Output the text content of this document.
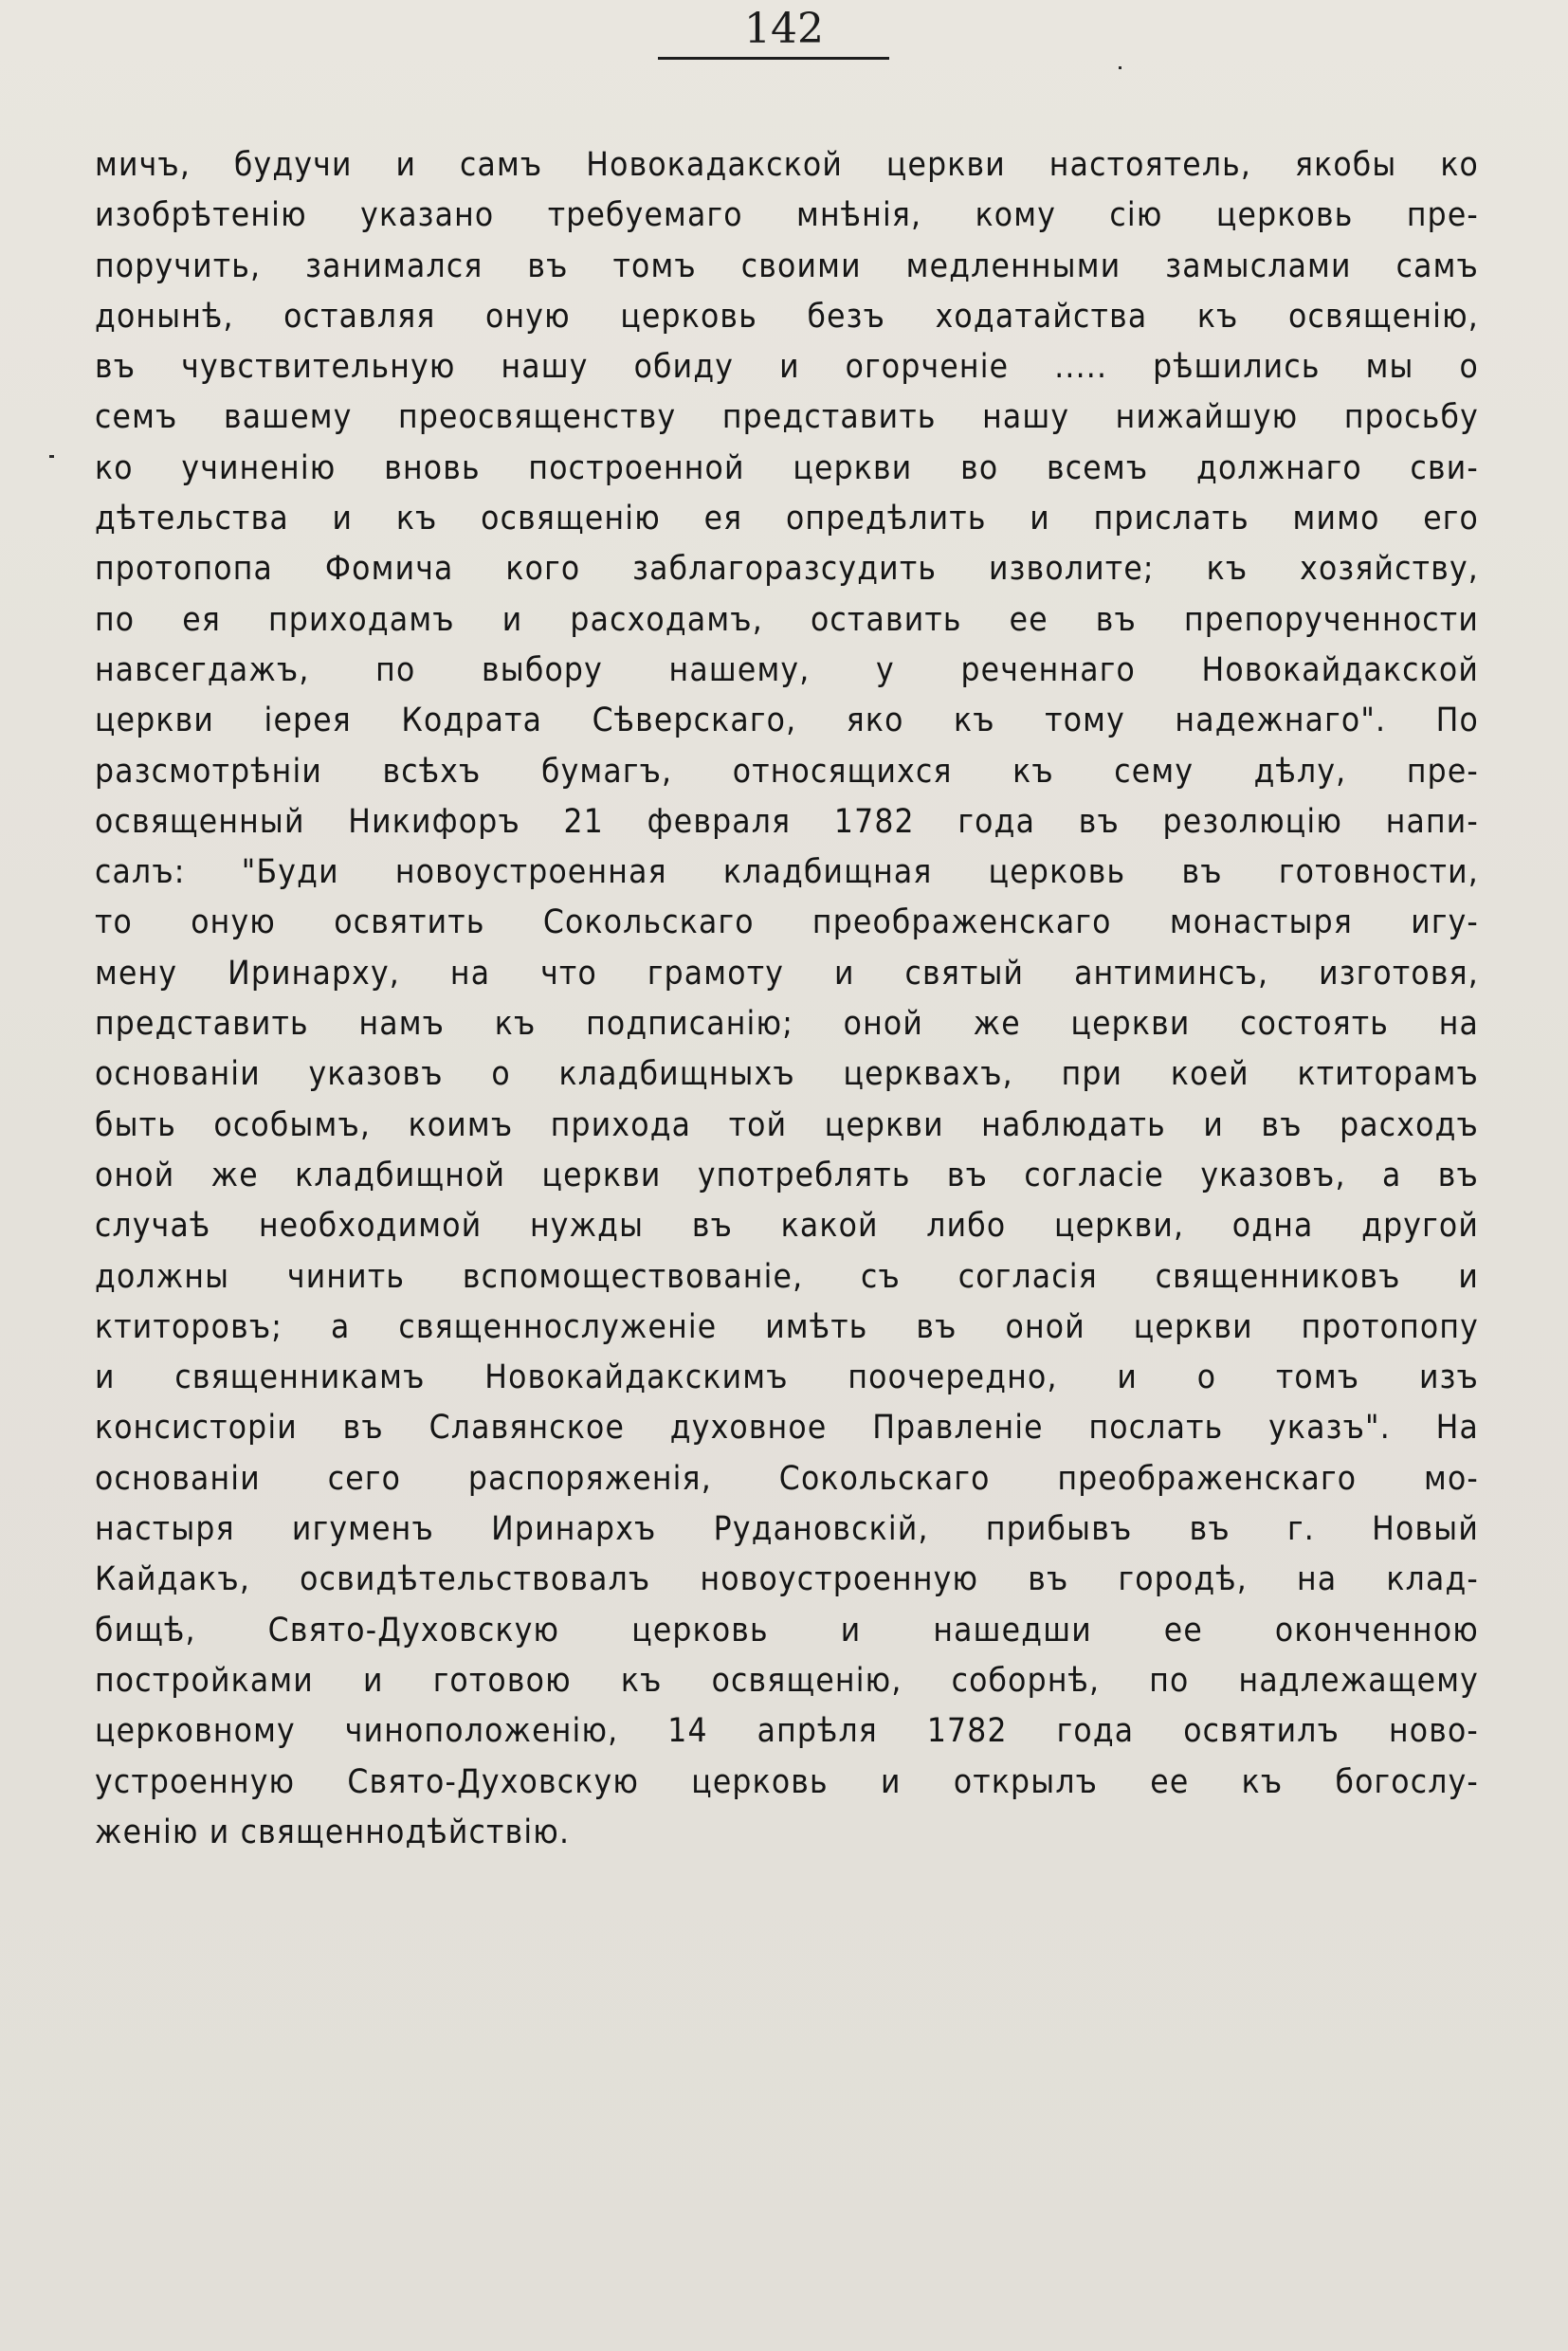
142
мичъ, будучи и самъ Новокадакской церкви настоятель, якобы ко
изобрѣтенію указано требуемаго мнѣнія, кому сію церковь пре-
поручить, занимался въ томъ своими медленными замыслами самъ
донынѣ, оставляя оную церковь безъ ходатайства къ освященію,
въ чувствительную нашу обиду и огорченіе ..... рѣшились мы о
семъ вашему преосвященству представить нашу нижайшую просьбу
ко учиненію вновь построенной церкви во всемъ должнаго сви-
дѣтельства и къ освященію ея опредѣлить и прислать мимо его
протопопа Фомича кого заблагоразсудить изволите; къ хозяйству,
по ея приходамъ и расходамъ, оставить ее въ препорученности
навсегдажъ, по выбору нашему, у реченнаго Новокайдакской
церкви іерея Кодрата Сѣверскаго, яко къ тому надежнаго". По
разсмотрѣніи всѣхъ бумагъ, относящихся къ сему дѣлу, пре-
освященный Никифоръ 21 февраля 1782 года въ резолюцію напи-
салъ: "Буди новоустроенная кладбищная церковь въ готовности,
то оную освятить Сокольскаго преображенскаго монастыря игу-
мену Иринарху, на что грамоту и святый антиминсъ, изготовя,
представить намъ къ подписанію; оной же церкви состоять на
основаніи указовъ о кладбищныхъ церквахъ, при коей ктиторамъ
быть особымъ, коимъ прихода той церкви наблюдать и въ расходъ
оной же кладбищной церкви употреблять въ согласіе указовъ, а въ
случаѣ необходимой нужды въ какой либо церкви, одна другой
должны чинить вспомоществованіе, съ согласія священниковъ и
ктиторовъ; а священнослуженіе имѣть въ оной церкви протопопу
и священникамъ Новокайдакскимъ поочередно, и о томъ изъ
консисторіи въ Славянское духовное Правленіе послать указъ". На
основаніи сего распоряженія, Сокольскаго преображенскаго мо-
настыря игуменъ Иринархъ Рудановскій, прибывъ въ г. Новый
Кайдакъ, освидѣтельствовалъ новоустроенную въ городѣ, на клад-
бищѣ, Свято-Духовскую церковь и нашедши ее оконченною
постройками и готовою къ освященію, соборнѣ, по надлежащему
церковному чиноположенію, 14 апрѣля 1782 года освятилъ ново-
устроенную Свято-Духовскую церковь и открылъ ее къ богослу-
женію и священнодѣйствію.
